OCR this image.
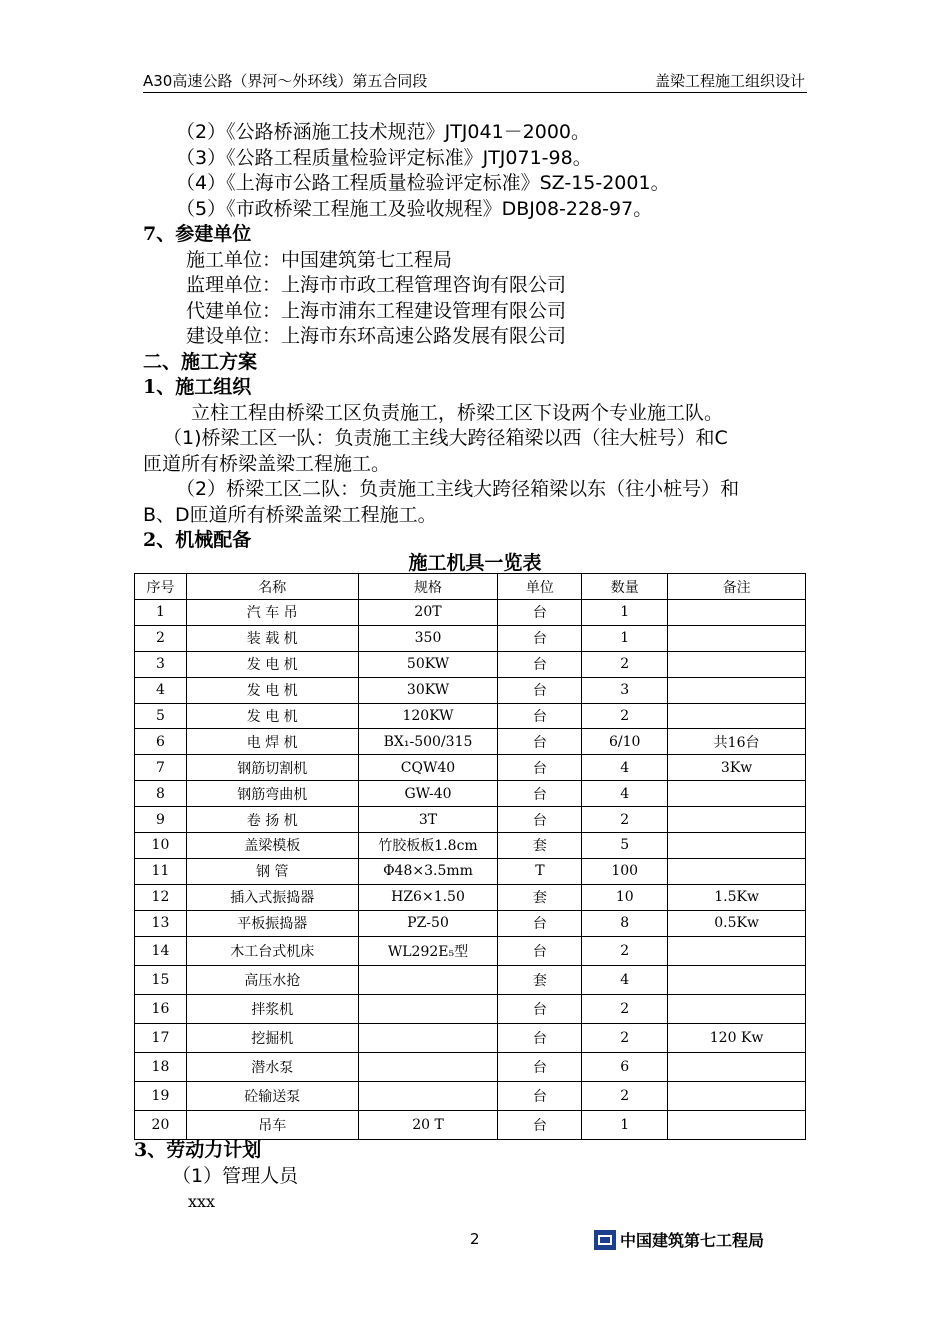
A30高速公路（界河～外环线）第五合同段	盖梁工程施工组织设计
（2）《公路桥涵施工技术规范》JTJ041－2000。
（3）《公路工程质量检验评定标准》JTJ071-98。
（4）《上海市公路工程质量检验评定标准》SZ-15-2001。
（5）《市政桥梁工程施工及验收规程》DBJ08-228-97。
7、参建单位
施工单位：中国建筑第七工程局
监理单位：上海市市政工程管理咨询有限公司
代建单位：上海市浦东工程建设管理有限公司
建设单位：上海市东环高速公路发展有限公司
二、施工方案
1、施工组织
立柱工程由桥梁工区负责施工，桥梁工区下设两个专业施工队。
（1)桥梁工区一队：负责施工主线大跨径箱梁以西（往大桩号）和C
匝道所有桥梁盖梁工程施工。
（2）桥梁工区二队：负责施工主线大跨径箱梁以东（往小桩号）和
B、D匝道所有桥梁盖梁工程施工。
2、机械配备
施工机具一览表
序号	名称	规格	单位	数量	备注
1	汽 车 吊	20T	台	1	
2	装 载 机	350	台	1	
3	发 电 机	50KW	台	2	
4	发 电 机	30KW	台	3	
5	发 电 机	120KW	台	2	
6	电 焊 机	BX₁-500/315	台	6/10	共16台
7	钢筋切割机	CQW40	台	4	3Kw
8	钢筋弯曲机	GW-40	台	4	
9	卷 扬 机	3T	台	2	
10	盖梁模板	竹胶板板1.8cm	套	5	
11	钢 管	Φ48×3.5mm	T	100	
12	插入式振捣器	HZ6×1.50	套	10	1.5Kw
13	平板振捣器	PZ-50	台	8	0.5Kw
14	木工台式机床	WL292E₅型	台	2	
15	高压水抢		套	4	
16	拌浆机		台	2	
17	挖掘机		台	2	120 Kw
18	潜水泵		台	6	
19	砼输送泵		台	2	
20	吊车	20 T	台	1	
3、劳动力计划
（1）管理人员
xxx
2	中国建筑第七工程局
